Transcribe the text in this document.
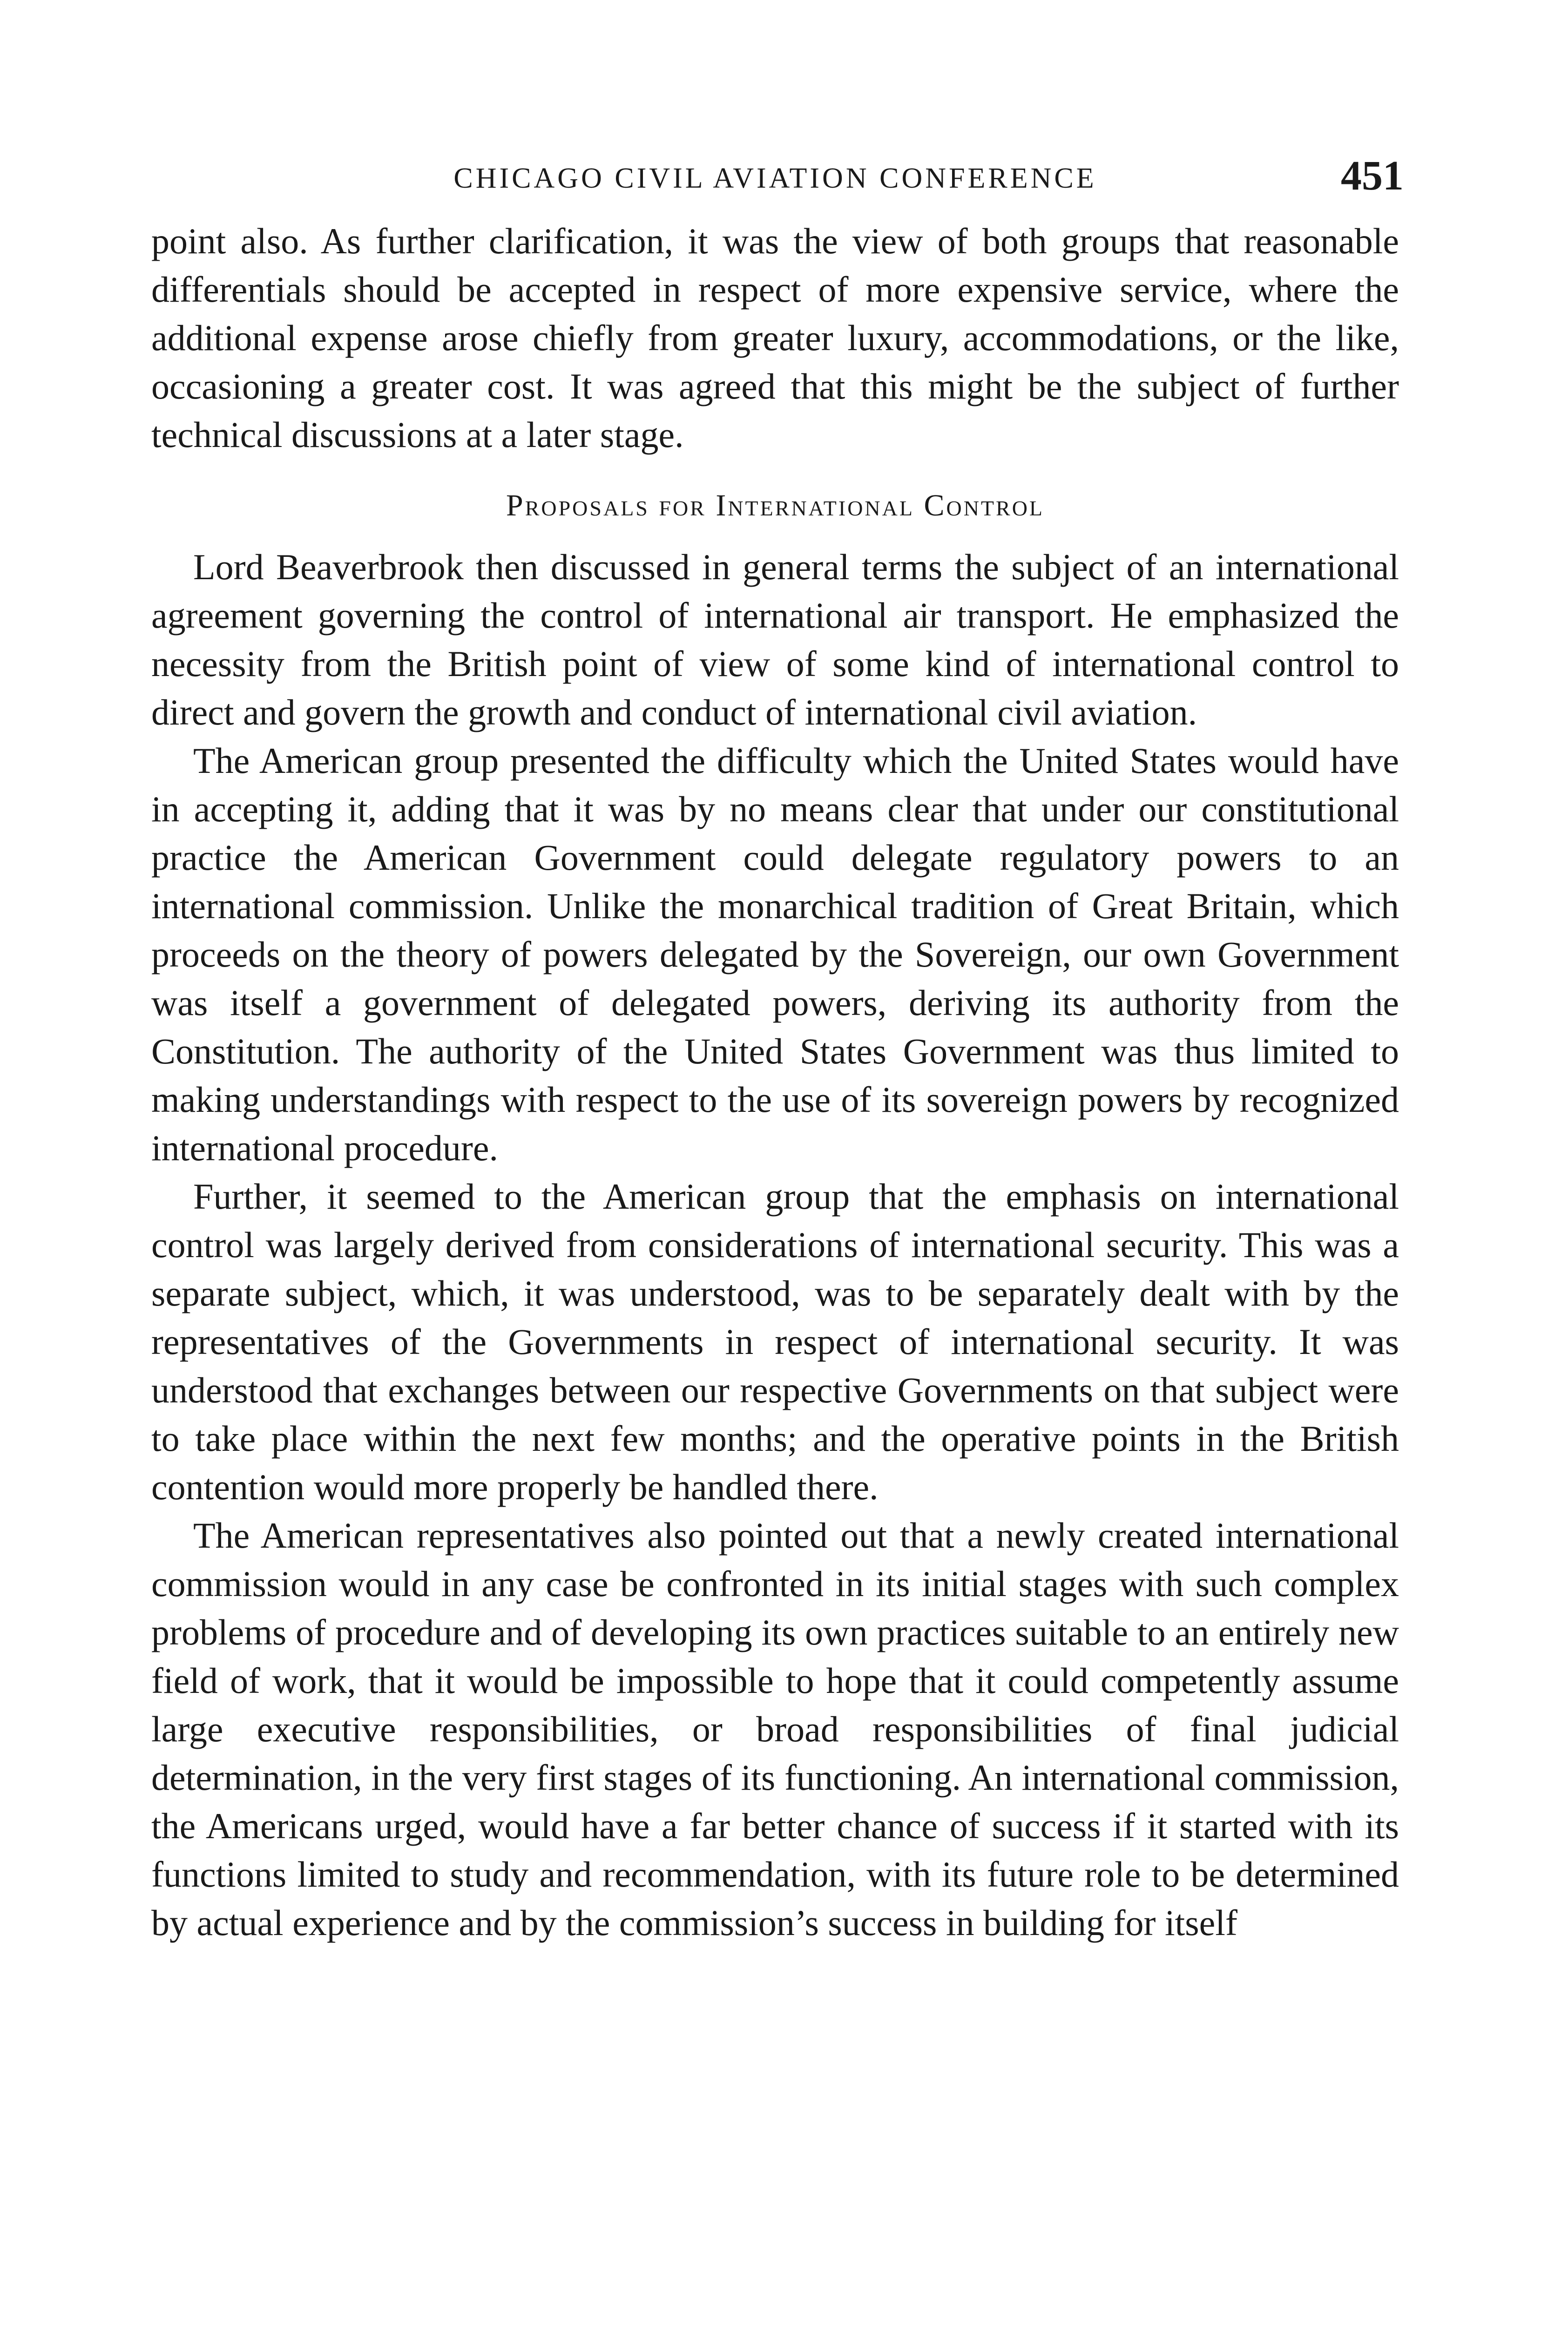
CHICAGO CIVIL AVIATION CONFERENCE	451

point also. As further clarification, it was the view of both groups that reasonable differentials should be accepted in respect of more expensive service, where the additional expense arose chiefly from greater luxury, accommodations, or the like, occasioning a greater cost. It was agreed that this might be the subject of further technical discussions at a later stage.

Proposals for International Control

Lord Beaverbrook then discussed in general terms the subject of an international agreement governing the control of international air transport. He emphasized the necessity from the British point of view of some kind of international control to direct and govern the growth and conduct of international civil aviation.

The American group presented the difficulty which the United States would have in accepting it, adding that it was by no means clear that under our constitutional practice the American Government could delegate regulatory powers to an international commission. Unlike the monarchical tradition of Great Britain, which proceeds on the theory of powers delegated by the Sovereign, our own Government was itself a government of delegated powers, deriving its authority from the Constitution. The authority of the United States Government was thus limited to making understandings with respect to the use of its sovereign powers by recognized international procedure.

Further, it seemed to the American group that the emphasis on international control was largely derived from considerations of international security. This was a separate subject, which, it was understood, was to be separately dealt with by the representatives of the Governments in respect of international security. It was understood that exchanges between our respective Governments on that subject were to take place within the next few months; and the operative points in the British contention would more properly be handled there.

The American representatives also pointed out that a newly created international commission would in any case be confronted in its initial stages with such complex problems of procedure and of developing its own practices suitable to an entirely new field of work, that it would be impossible to hope that it could competently assume large executive responsibilities, or broad responsibilities of final judicial determination, in the very first stages of its functioning. An international commission, the Americans urged, would have a far better chance of success if it started with its functions limited to study and recommendation, with its future role to be determined by actual experience and by the commission’s success in building for itself
